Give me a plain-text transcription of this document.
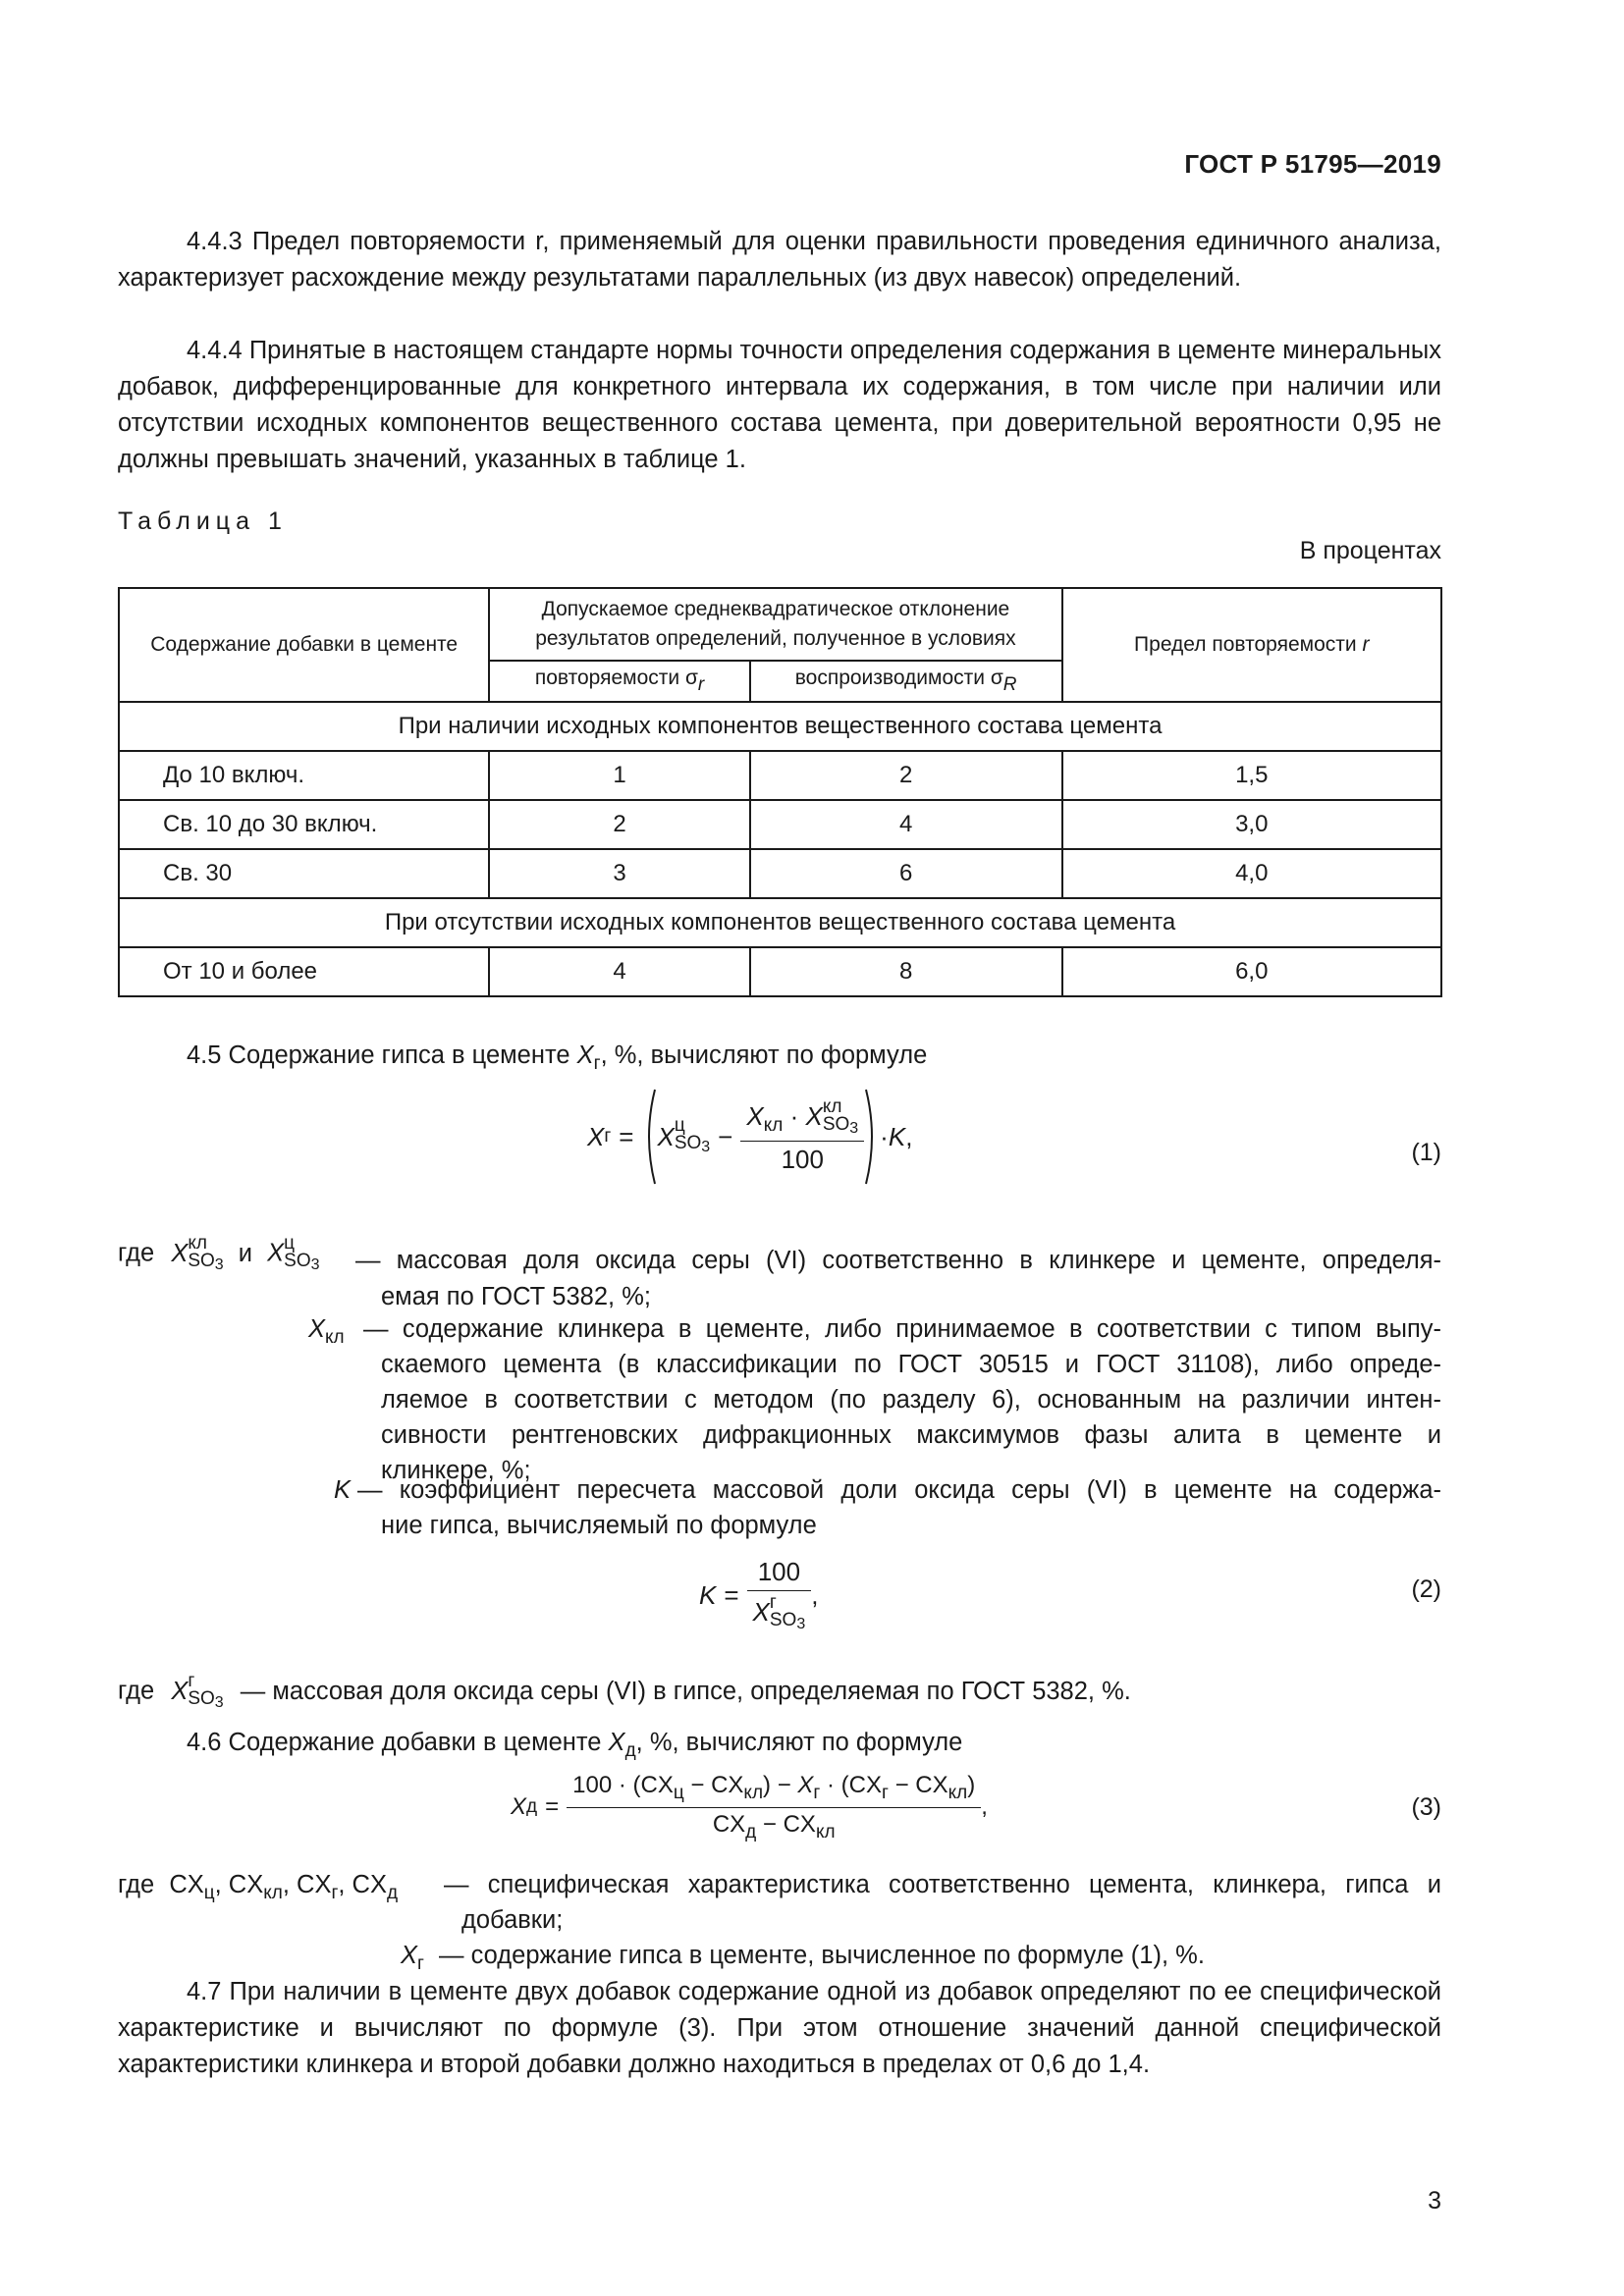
ГОСТ Р 51795—2019
4.4.3 Предел повторяемости r, применяемый для оценки правильности проведения единичного анализа, характеризует расхождение между результатами параллельных (из двух навесок) определений.
4.4.4 Принятые в настоящем стандарте нормы точности определения содержания в цементе минеральных добавок, дифференцированные для конкретного интервала их содержания, в том числе при наличии или отсутствии исходных компонентов вещественного состава цемента, при доверительной вероятности 0,95 не должны превышать значений, указанных в таблице 1.
Таблица 1
В процентах
Содержание добавки в цементе	Допускаемое среднеквадратическое отклонение результатов определений, полученное в условиях		Предел повторяемости r
	повторяемости σr	воспроизводимости σR	
При наличии исходных компонентов вещественного состава цемента			
До 10 включ.	1	2	1,5
Св. 10 до 30 включ.	2	4	3,0
Св. 30	3	6	4,0
При отсутствии исходных компонентов вещественного состава цемента			
От 10 и более	4	8	6,0
4.5 Содержание гипса в цементе $X_г$, %, вычисляют по формуле
X г = X ц
$SO3 - X_{кл} \cdot X$ кл
SO3
100 · K ,
(1)
где X кл
SO3 и X ц
SO3 — массовая доля оксида серы (VI) соответственно в клинкере и цементе, определя-
емая по ГОСТ 5382, %;
$X_{кл}$ — содержание клинкера в цементе, либо принимаемое в соответствии с типом выпу-
скаемого цемента (в классификации по ГОСТ 30515 и ГОСТ 31108), либо опреде-
ляемое в соответствии с методом (по разделу 6), основанным на различии интен-
сивности рентгеновских дифракционных максимумов фазы алита в цементе и
клинкере, %;
K — коэффициент пересчета массовой доли оксида серы (VI) в цементе на содержа-
ние гипса, вычисляемый по формуле
K = 100
X г
SO3 ,	(2)
где X г
SO3 — массовая доля оксида серы (VI) в гипсе, определяемая по ГОСТ 5382, %.
4.6 Содержание добавки в цементе $X_д$, %, вычисляют по формуле
X $д = \frac{100 \cdot (CX_ц - CX_{кл}) - X_г \cdot (CX_г - CX_{кл})}{CX_д - CX_{кл}}$ ,	(3)
где $CX_ц$, $CX_{кл}$, $CX_г$, $CX_д$ — специфическая характеристика соответственно цемента, клинкера, гипса и
добавки;
$X_г$ — содержание гипса в цементе, вычисленное по формуле (1), %.
4.7 При наличии в цементе двух добавок содержание одной из добавок определяют по ее специфической характеристике и вычисляют по формуле (3). При этом отношение значений данной специфической характеристики клинкера и второй добавки должно находиться в пределах от 0,6 до 1,4.
3
